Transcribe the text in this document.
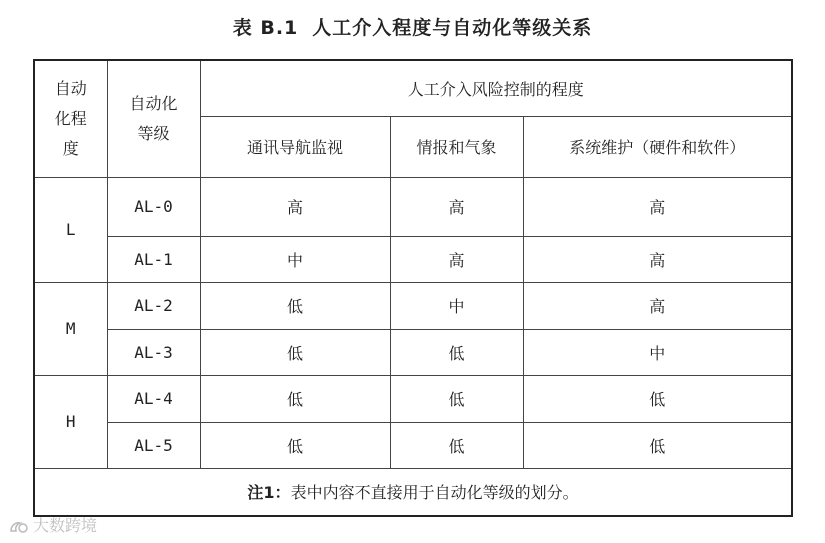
表 B.1 人工介入程度与自动化等级关系
自动化程度	自动化等级	人工介入风险控制的程度		
		通讯导航监视	情报和气象	系统维护（硬件和软件）
L	AL-0	高	高	高
	AL-1	中	高	高
M	AL-2	低	中	高
	AL-3	低	低	中
H	AL-4	低	低	低
	AL-5	低	低	低
注1：表中内容不直接用于自动化等级的划分。				
大数跨境
